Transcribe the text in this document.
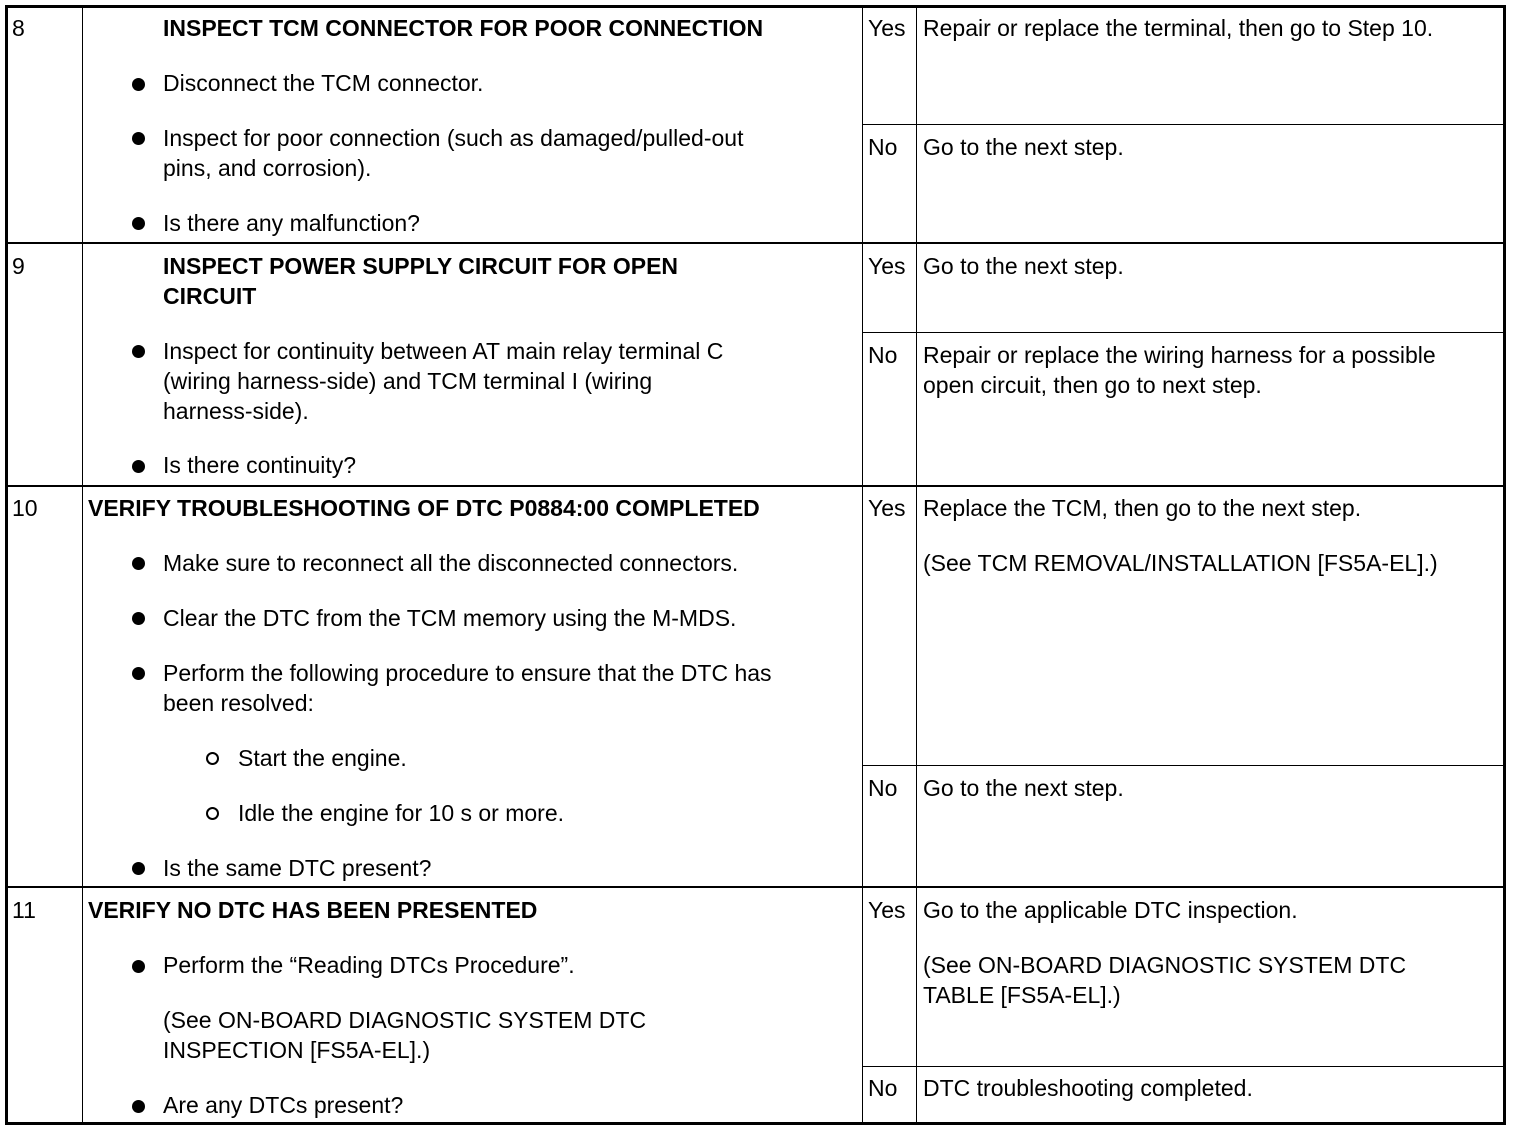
8	INSPECT TCM CONNECTOR FOR POOR CONNECTION
Disconnect the TCM connector.
Inspect for poor connection (such as damaged/pulled-out
pins, and corrosion).
Is there any malfunction?
Yes Repair or replace the terminal, then go to Step 10.
No Go to the next step.
9	INSPECT POWER SUPPLY CIRCUIT FOR OPEN
CIRCUIT
Inspect for continuity between AT main relay terminal C
(wiring harness-side) and TCM terminal I (wiring
harness-side).
Is there continuity?
Yes Go to the next step.
No Repair or replace the wiring harness for a possible
open circuit, then go to next step.
10 VERIFY TROUBLESHOOTING OF DTC P0884:00 COMPLETED
Make sure to reconnect all the disconnected connectors.
Clear the DTC from the TCM memory using the M-MDS.
Perform the following procedure to ensure that the DTC has
been resolved:
Start the engine.
Idle the engine for 10 s or more.
Is the same DTC present?
Yes Replace the TCM, then go to the next step.
(See TCM REMOVAL/INSTALLATION [FS5A-EL].)
No Go to the next step.
11 VERIFY NO DTC HAS BEEN PRESENTED
Perform the “Reading DTCs Procedure”.
(See ON-BOARD DIAGNOSTIC SYSTEM DTC
INSPECTION [FS5A-EL].)
Are any DTCs present?
Yes Go to the applicable DTC inspection.
(See ON-BOARD DIAGNOSTIC SYSTEM DTC
TABLE [FS5A-EL].)
No DTC troubleshooting completed.
